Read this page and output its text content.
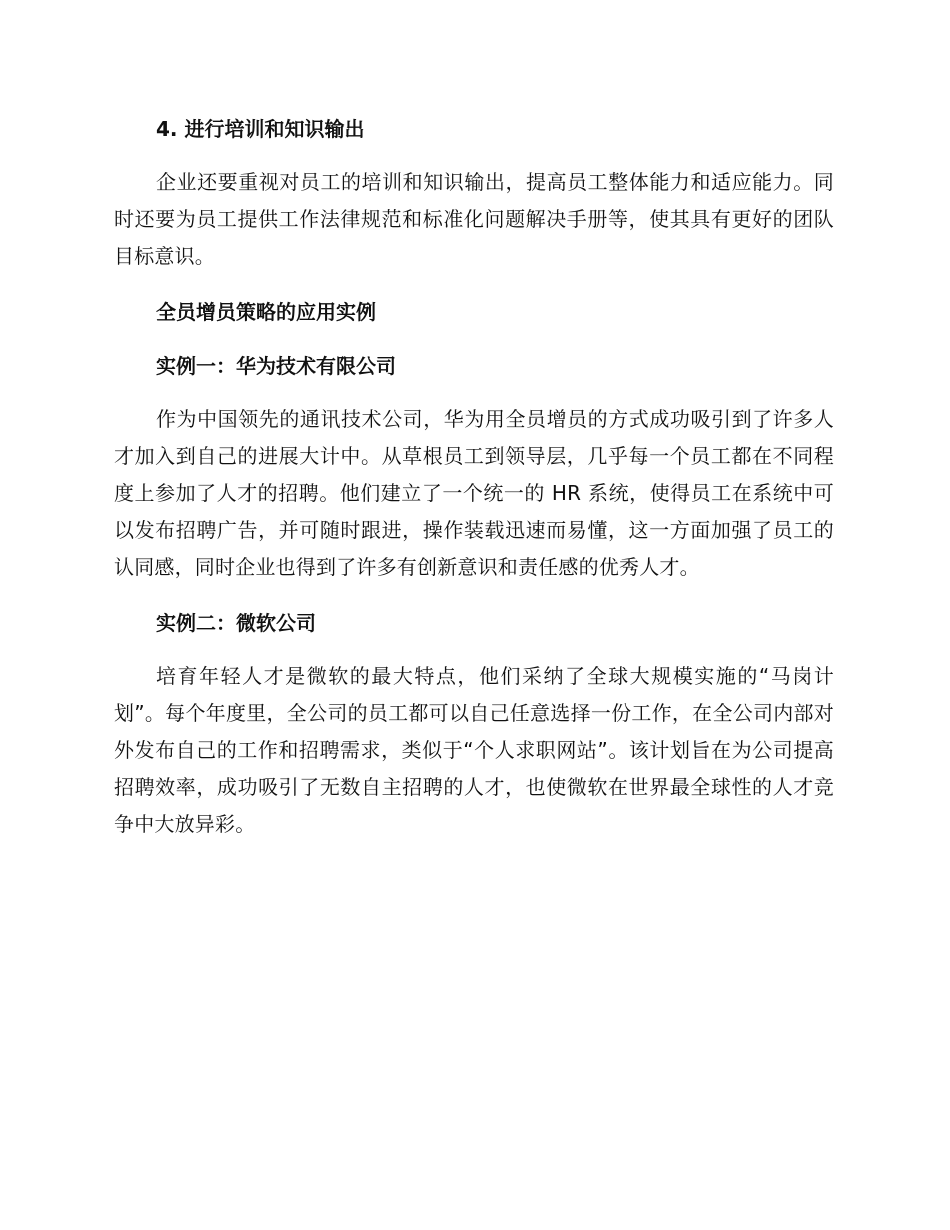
4. 进行培训和知识输出

企业还要重视对员工的培训和知识输出，提高员工整体能力和适应能力。同时还要为员工提供工作法律规范和标准化问题解决手册等，使其具有更好的团队目标意识。

全员增员策略的应用实例
实例一：华为技术有限公司

作为中国领先的通讯技术公司，华为用全员增员的方式成功吸引到了许多人才加入到自己的进展大计中。从草根员工到领导层，几乎每一个员工都在不同程度上参加了人才的招聘。他们建立了一个统一的 HR 系统，使得员工在系统中可以发布招聘广告，并可随时跟进，操作装载迅速而易懂，这一方面加强了员工的认同感，同时企业也得到了许多有创新意识和责任感的优秀人才。

实例二：微软公司

培育年轻人才是微软的最大特点，他们采纳了全球大规模实施的“马岗计划”。每个年度里，全公司的员工都可以自己任意选择一份工作，在全公司内部对外发布自己的工作和招聘需求，类似于“个人求职网站”。该计划旨在为公司提高招聘效率，成功吸引了无数自主招聘的人才，也使微软在世界最全球性的人才竞争中大放异彩。
